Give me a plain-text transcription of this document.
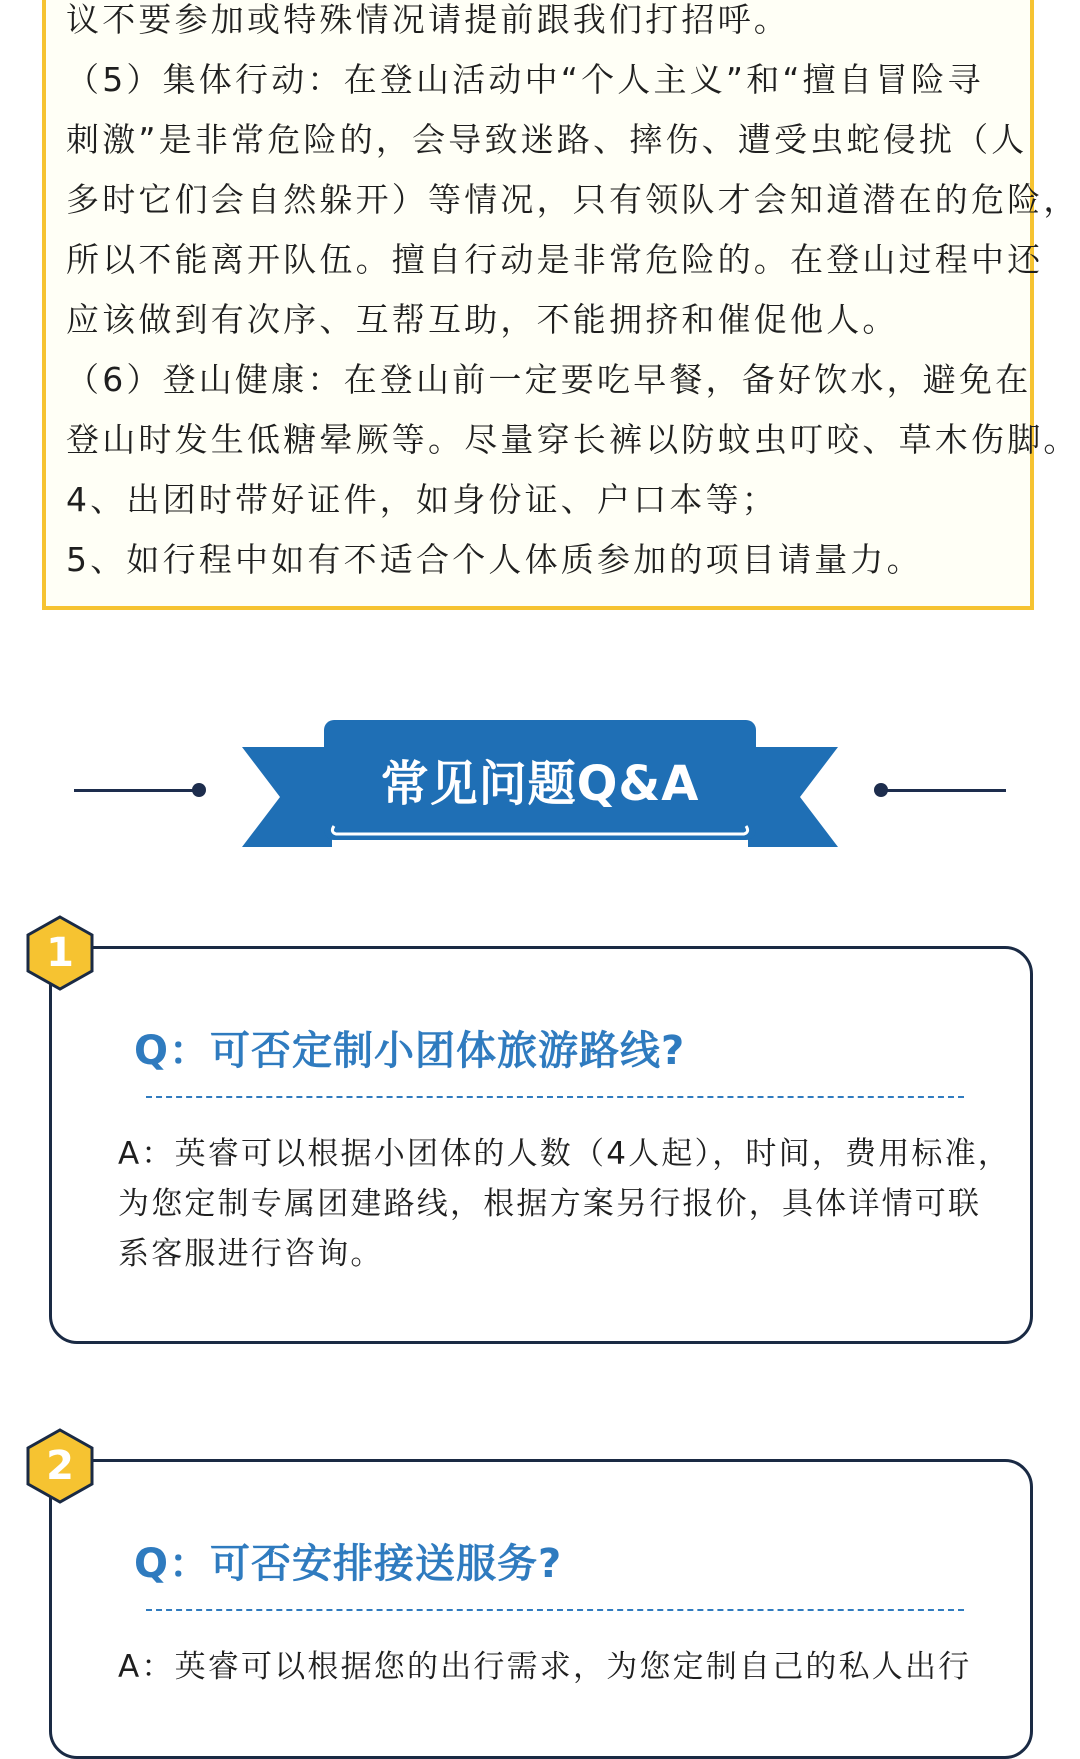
议不要参加或特殊情况请提前跟我们打招呼。
（5）集体行动：在登山活动中“个人主义”和“擅自冒险寻
刺激”是非常危险的，会导致迷路、摔伤、遭受虫蛇侵扰（人
多时它们会自然躲开）等情况，只有领队才会知道潜在的危险，
所以不能离开队伍。擅自行动是非常危险的。在登山过程中还
应该做到有次序、互帮互助，不能拥挤和催促他人。
（6）登山健康：在登山前一定要吃早餐，备好饮水，避免在
登山时发生低糖晕厥等。尽量穿长裤以防蚊虫叮咬、草木伤脚。
4、出团时带好证件，如身份证、户口本等；
5、如行程中如有不适合个人体质参加的项目请量力。
常见问题Q&A
1
Q：可否定制小团体旅游路线?
A：英睿可以根据小团体的人数（4人起），时间，费用标准，
为您定制专属团建路线，根据方案另行报价，具体详情可联
系客服进行咨询。
2
Q：可否安排接送服务?
A：英睿可以根据您的出行需求，为您定制自己的私人出行
